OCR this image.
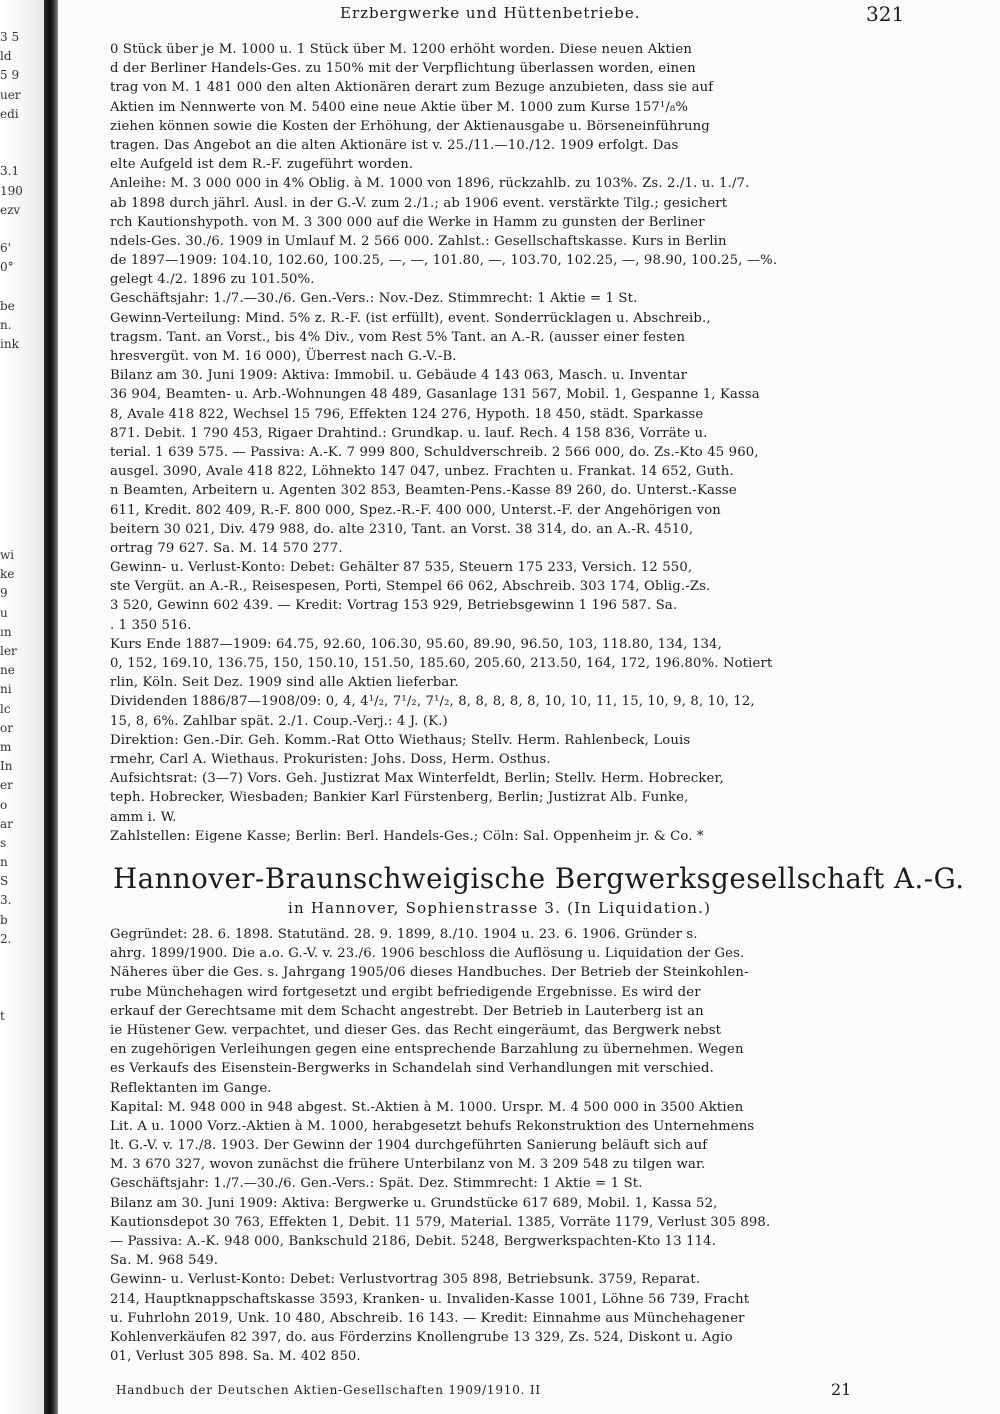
3 5
ld
5 9
uer
edi
3.1
190
ezv
6'
0°
be
n.
ink
wi
ke
9
u
ın
ler
ne
ni
lc
or
m
In
er
o
ar
s
n
S
3.
b
2.
t
Erzbergwerke und Hüttenbetriebe.	321
0 Stück über je M. 1000 u. 1 Stück über M. 1200 erhöht worden. Diese neuen Aktien
d der Berliner Handels-Ges. zu 150% mit der Verpflichtung überlassen worden, einen
trag von M. 1 481 000 den alten Aktionären derart zum Bezuge anzubieten, dass sie auf
Aktien im Nennwerte von M. 5400 eine neue Aktie über M. 1000 zum Kurse 157¹/₈%
ziehen können sowie die Kosten der Erhöhung, der Aktienausgabe u. Börseneinführung
tragen. Das Angebot an die alten Aktionäre ist v. 25./11.—10./12. 1909 erfolgt. Das
elte Aufgeld ist dem R.-F. zugeführt worden.
Anleihe: M. 3 000 000 in 4% Oblig. à M. 1000 von 1896, rückzahlb. zu 103%. Zs. 2./1. u. 1./7.
ab 1898 durch jährl. Ausl. in der G.-V. zum 2./1.; ab 1906 event. verstärkte Tilg.; gesichert
rch Kautionshypoth. von M. 3 300 000 auf die Werke in Hamm zu gunsten der Berliner
ndels-Ges. 30./6. 1909 in Umlauf M. 2 566 000. Zahlst.: Gesellschaftskasse. Kurs in Berlin
de 1897—1909: 104.10, 102.60, 100.25, —, —, 101.80, —, 103.70, 102.25, —, 98.90, 100.25, —%.
gelegt 4./2. 1896 zu 101.50%.
Geschäftsjahr: 1./7.—30./6. Gen.-Vers.: Nov.-Dez. Stimmrecht: 1 Aktie = 1 St.
Gewinn-Verteilung: Mind. 5% z. R.-F. (ist erfüllt), event. Sonderrücklagen u. Abschreib.,
tragsm. Tant. an Vorst., bis 4% Div., vom Rest 5% Tant. an A.-R. (ausser einer festen
hresvergüt. von M. 16 000), Überrest nach G.-V.-B.
Bilanz am 30. Juni 1909: Aktiva: Immobil. u. Gebäude 4 143 063, Masch. u. Inventar
36 904, Beamten- u. Arb.-Wohnungen 48 489, Gasanlage 131 567, Mobil. 1, Gespanne 1, Kassa
8, Avale 418 822, Wechsel 15 796, Effekten 124 276, Hypoth. 18 450, städt. Sparkasse
871. Debit. 1 790 453, Rigaer Drahtind.: Grundkap. u. lauf. Rech. 4 158 836, Vorräte u.
terial. 1 639 575. — Passiva: A.-K. 7 999 800, Schuldverschreib. 2 566 000, do. Zs.-Kto 45 960,
ausgel. 3090, Avale 418 822, Löhnekto 147 047, unbez. Frachten u. Frankat. 14 652, Guth.
n Beamten, Arbeitern u. Agenten 302 853, Beamten-Pens.-Kasse 89 260, do. Unterst.-Kasse
611, Kredit. 802 409, R.-F. 800 000, Spez.-R.-F. 400 000, Unterst.-F. der Angehörigen von
beitern 30 021, Div. 479 988, do. alte 2310, Tant. an Vorst. 38 314, do. an A.-R. 4510,
ortrag 79 627. Sa. M. 14 570 277.
Gewinn- u. Verlust-Konto: Debet: Gehälter 87 535, Steuern 175 233, Versich. 12 550,
ste Vergüt. an A.-R., Reisespesen, Porti, Stempel 66 062, Abschreib. 303 174, Oblig.-Zs.
3 520, Gewinn 602 439. — Kredit: Vortrag 153 929, Betriebsgewinn 1 196 587. Sa.
. 1 350 516.
Kurs Ende 1887—1909: 64.75, 92.60, 106.30, 95.60, 89.90, 96.50, 103, 118.80, 134, 134,
0, 152, 169.10, 136.75, 150, 150.10, 151.50, 185.60, 205.60, 213.50, 164, 172, 196.80%. Notiert
rlin, Köln. Seit Dez. 1909 sind alle Aktien lieferbar.
Dividenden 1886/87—1908/09: 0, 4, 4¹/₂, 7¹/₂, 7¹/₂, 8, 8, 8, 8, 8, 10, 10, 11, 15, 10, 9, 8, 10, 12,
15, 8, 6%. Zahlbar spät. 2./1. Coup.-Verj.: 4 J. (K.)
Direktion: Gen.-Dir. Geh. Komm.-Rat Otto Wiethaus; Stellv. Herm. Rahlenbeck, Louis
rmehr, Carl A. Wiethaus. Prokuristen: Johs. Doss, Herm. Osthus.
Aufsichtsrat: (3—7) Vors. Geh. Justizrat Max Winterfeldt, Berlin; Stellv. Herm. Hobrecker,
teph. Hobrecker, Wiesbaden; Bankier Karl Fürstenberg, Berlin; Justizrat Alb. Funke,
amm i. W.
Zahlstellen: Eigene Kasse; Berlin: Berl. Handels-Ges.; Cöln: Sal. Oppenheim jr. & Co. *
Hannover-Braunschweigische Bergwerksgesellschaft A.-G.
in Hannover, Sophienstrasse 3. (In Liquidation.)
Gegründet: 28. 6. 1898. Statutänd. 28. 9. 1899, 8./10. 1904 u. 23. 6. 1906. Gründer s.
ahrg. 1899/1900. Die a.o. G.-V. v. 23./6. 1906 beschloss die Auflösung u. Liquidation der Ges.
Näheres über die Ges. s. Jahrgang 1905/06 dieses Handbuches. Der Betrieb der Steinkohlen-
rube Münchehagen wird fortgesetzt und ergibt befriedigende Ergebnisse. Es wird der
erkauf der Gerechtsame mit dem Schacht angestrebt. Der Betrieb in Lauterberg ist an
ie Hüstener Gew. verpachtet, und dieser Ges. das Recht eingeräumt, das Bergwerk nebst
en zugehörigen Verleihungen gegen eine entsprechende Barzahlung zu übernehmen. Wegen
es Verkaufs des Eisenstein-Bergwerks in Schandelah sind Verhandlungen mit verschied.
Reflektanten im Gange.
Kapital: M. 948 000 in 948 abgest. St.-Aktien à M. 1000. Urspr. M. 4 500 000 in 3500 Aktien
Lit. A u. 1000 Vorz.-Aktien à M. 1000, herabgesetzt behufs Rekonstruktion des Unternehmens
lt. G.-V. v. 17./8. 1903. Der Gewinn der 1904 durchgeführten Sanierung beläuft sich auf
M. 3 670 327, wovon zunächst die frühere Unterbilanz von M. 3 209 548 zu tilgen war.
Geschäftsjahr: 1./7.—30./6. Gen.-Vers.: Spät. Dez. Stimmrecht: 1 Aktie = 1 St.
Bilanz am 30. Juni 1909: Aktiva: Bergwerke u. Grundstücke 617 689, Mobil. 1, Kassa 52,
Kautionsdepot 30 763, Effekten 1, Debit. 11 579, Material. 1385, Vorräte 1179, Verlust 305 898.
— Passiva: A.-K. 948 000, Bankschuld 2186, Debit. 5248, Bergwerkspachten-Kto 13 114.
Sa. M. 968 549.
Gewinn- u. Verlust-Konto: Debet: Verlustvortrag 305 898, Betriebsunk. 3759, Reparat.
214, Hauptknappschaftskasse 3593, Kranken- u. Invaliden-Kasse 1001, Löhne 56 739, Fracht
u. Fuhrlohn 2019, Unk. 10 480, Abschreib. 16 143. — Kredit: Einnahme aus Münchehagener
Kohlenverkäufen 82 397, do. aus Förderzins Knollengrube 13 329, Zs. 524, Diskont u. Agio
01, Verlust 305 898. Sa. M. 402 850.
Handbuch der Deutschen Aktien-Gesellschaften 1909/1910. II	21
